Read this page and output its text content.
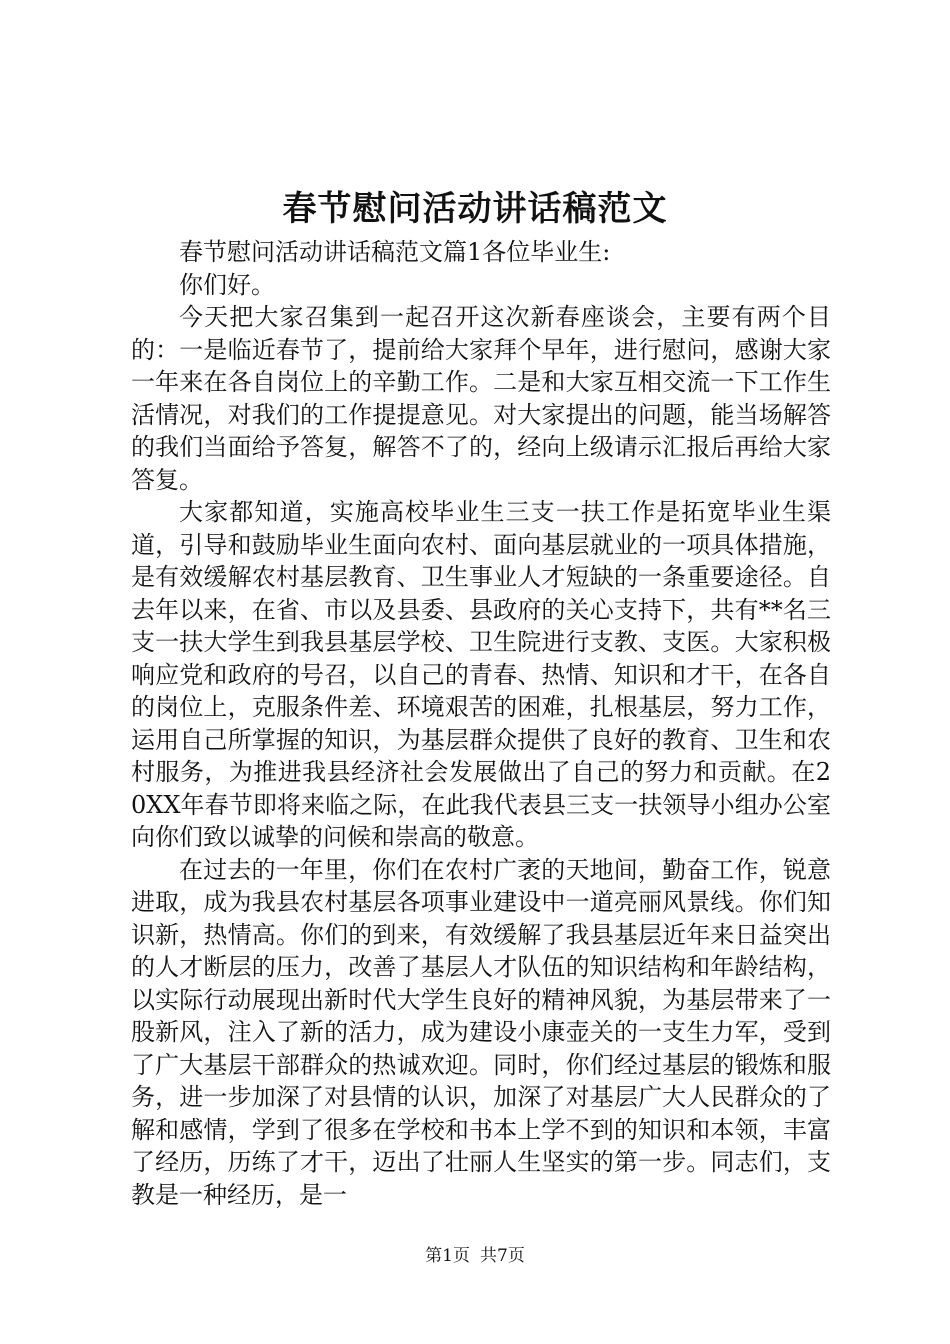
春节慰问活动讲话稿范文

春节慰问活动讲话稿范文篇1各位毕业生:

你们好。

今天把大家召集到一起召开这次新春座谈会，主要有两个目的：一是临近春节了，提前给大家拜个早年，进行慰问，感谢大家一年来在各自岗位上的辛勤工作。二是和大家互相交流一下工作生活情况，对我们的工作提提意见。对大家提出的问题，能当场解答的我们当面给予答复，解答不了的，经向上级请示汇报后再给大家答复。

大家都知道，实施高校毕业生三支一扶工作是拓宽毕业生渠道，引导和鼓励毕业生面向农村、面向基层就业的一项具体措施，是有效缓解农村基层教育、卫生事业人才短缺的一条重要途径。自去年以来，在省、市以及县委、县政府的关心支持下，共有**名三支一扶大学生到我县基层学校、卫生院进行支教、支医。大家积极响应党和政府的号召，以自己的青春、热情、知识和才干，在各自的岗位上，克服条件差、环境艰苦的困难，扎根基层，努力工作，运用自己所掌握的知识，为基层群众提供了良好的教育、卫生和农村服务，为推进我县经济社会发展做出了自己的努力和贡献。在20XX年春节即将来临之际，在此我代表县三支一扶领导小组办公室向你们致以诚挚的问候和崇高的敬意。

在过去的一年里，你们在农村广袤的天地间，勤奋工作，锐意进取，成为我县农村基层各项事业建设中一道亮丽风景线。你们知识新，热情高。你们的到来，有效缓解了我县基层近年来日益突出的人才断层的压力，改善了基层人才队伍的知识结构和年龄结构，以实际行动展现出新时代大学生良好的精神风貌，为基层带来了一股新风，注入了新的活力，成为建设小康壶关的一支生力军，受到了广大基层干部群众的热诚欢迎。同时，你们经过基层的锻炼和服务，进一步加深了对县情的认识，加深了对基层广大人民群众的了解和感情，学到了很多在学校和书本上学不到的知识和本领，丰富了经历，历练了才干，迈出了壮丽人生坚实的第一步。同志们，支教是一种经历，是一

第1页 共7页
